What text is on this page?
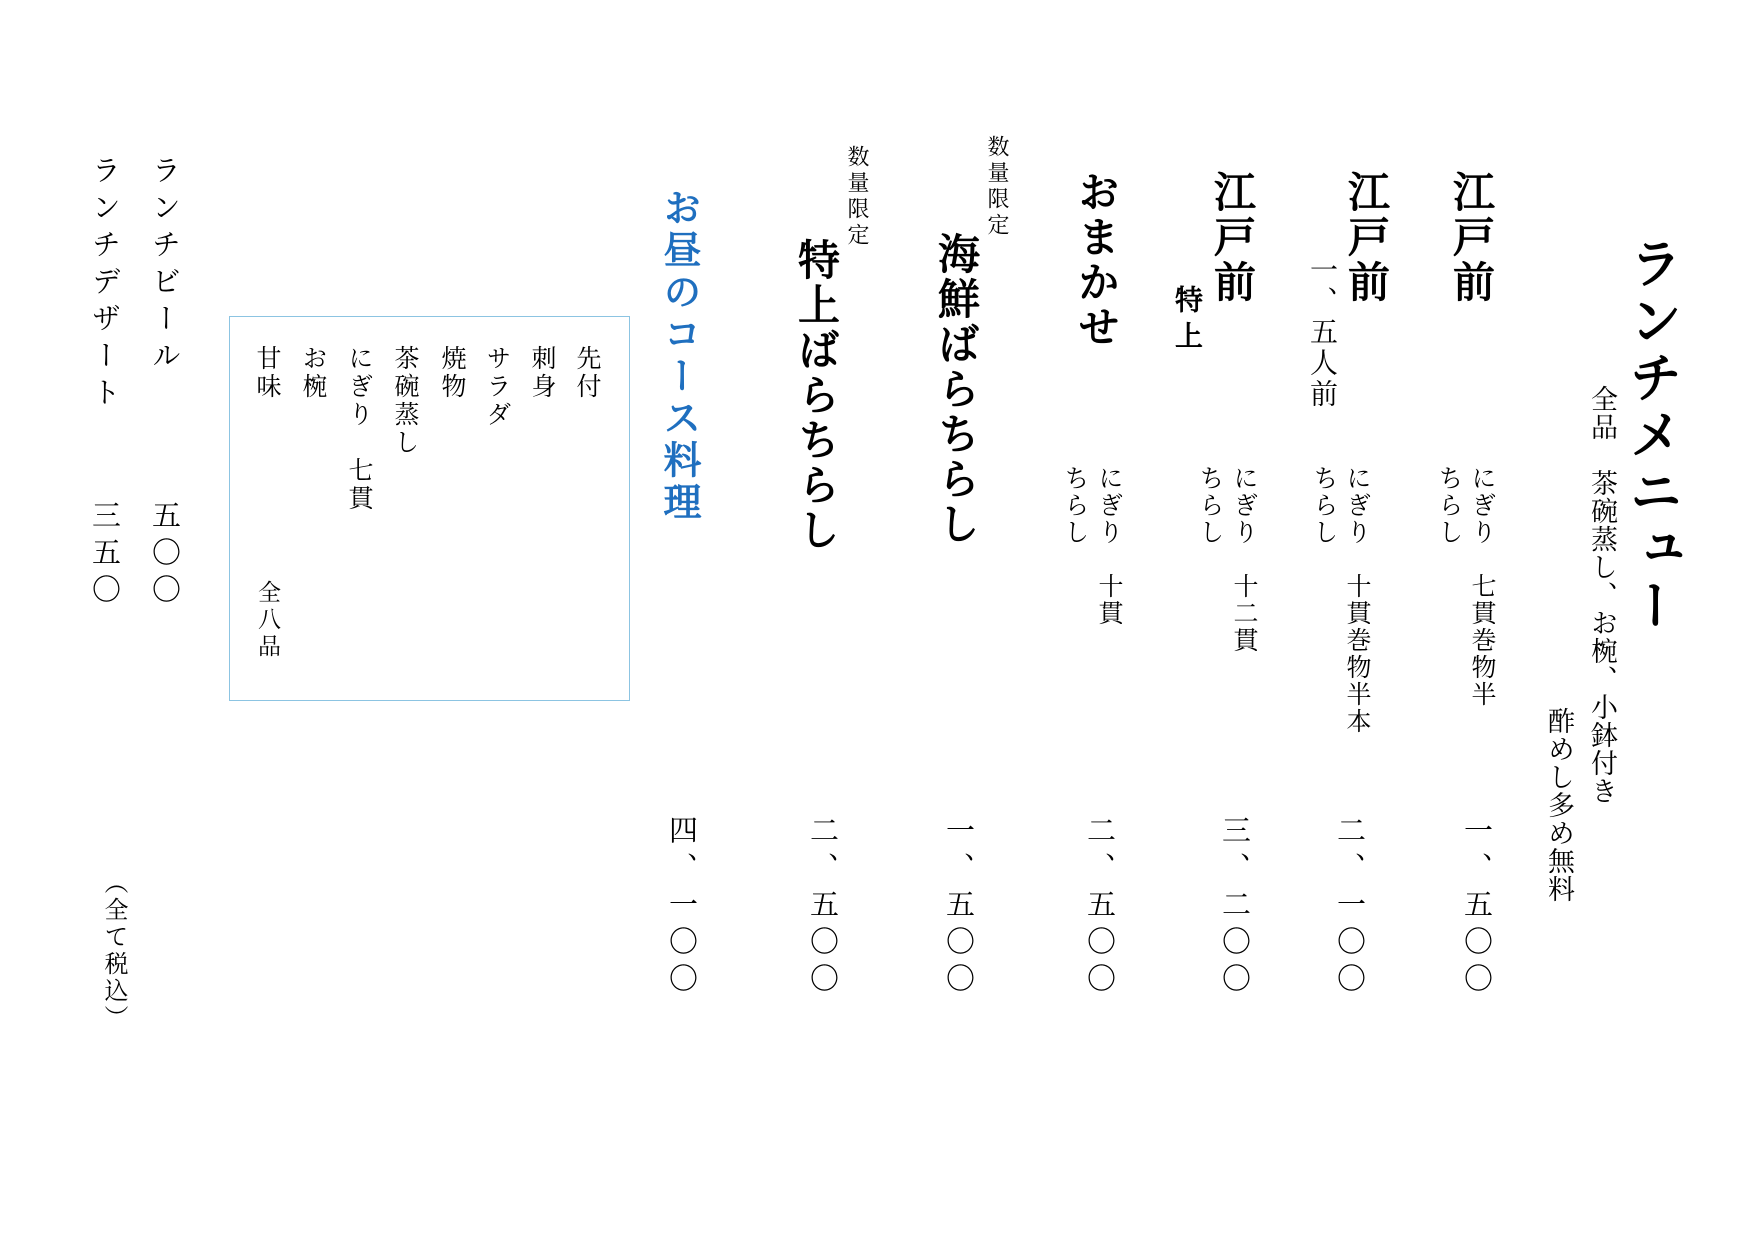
ランチメニュー
全品　茶碗蒸し、お椀、小鉢付き
酢めし多め無料
江戸前
にぎり　七貫巻物半
ちらし
一、五〇〇
江戸前
一、五人前
にぎり　十貫巻物半本
ちらし
二、一〇〇
江戸前
特上
にぎり　十二貫
ちらし
三、二〇〇
おまかせ
にぎり　十貫
ちらし
二、五〇〇
数量限定
海鮮ばらちらし
一、五〇〇
数量限定
特上ばらちらし
二、五〇〇
お昼のコース料理
四、一〇〇
先付
刺身
サラダ
焼物
茶碗蒸し
にぎり　七貫
お椀
甘味
全八品
ランチビール
五〇〇
ランチデザート
三五〇
（全て税込）
